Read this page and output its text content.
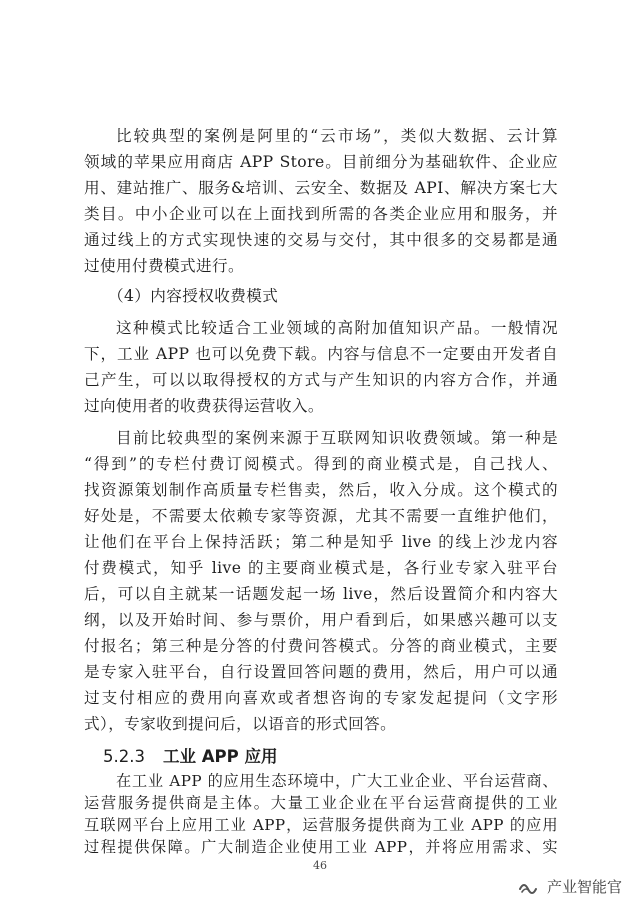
比较典型的案例是阿里的“云市场”，类似大数据、云计算
领域的苹果应用商店 APP Store。目前细分为基础软件、企业应
用、建站推广、服务&培训、云安全、数据及 API、解决方案七大
类目。中小企业可以在上面找到所需的各类企业应用和服务，并
通过线上的方式实现快速的交易与交付，其中很多的交易都是通
过使用付费模式进行。
（4）内容授权收费模式
这种模式比较适合工业领域的高附加值知识产品。一般情况
下，工业 APP 也可以免费下载。内容与信息不一定要由开发者自
己产生，可以以取得授权的方式与产生知识的内容方合作，并通
过向使用者的收费获得运营收入。
目前比较典型的案例来源于互联网知识收费领域。第一种是
“得到”的专栏付费订阅模式。得到的商业模式是，自己找人、
找资源策划制作高质量专栏售卖，然后，收入分成。这个模式的
好处是，不需要太依赖专家等资源，尤其不需要一直维护他们，
让他们在平台上保持活跃；第二种是知乎 live 的线上沙龙内容
付费模式，知乎 live 的主要商业模式是，各行业专家入驻平台
后，可以自主就某一话题发起一场 live，然后设置简介和内容大
纲，以及开始时间、参与票价，用户看到后，如果感兴趣可以支
付报名；第三种是分答的付费问答模式。分答的商业模式，主要
是专家入驻平台，自行设置回答问题的费用，然后，用户可以通
过支付相应的费用向喜欢或者想咨询的专家发起提问（文字形
式），专家收到提问后，以语音的形式回答。
5.2.3 工业 APP 应用
在工业 APP 的应用生态环境中，广大工业企业、平台运营商、
运营服务提供商是主体。大量工业企业在平台运营商提供的工业
互联网平台上应用工业 APP，运营服务提供商为工业 APP 的应用
过程提供保障。广大制造企业使用工业 APP，并将应用需求、实
46
产业智能官
